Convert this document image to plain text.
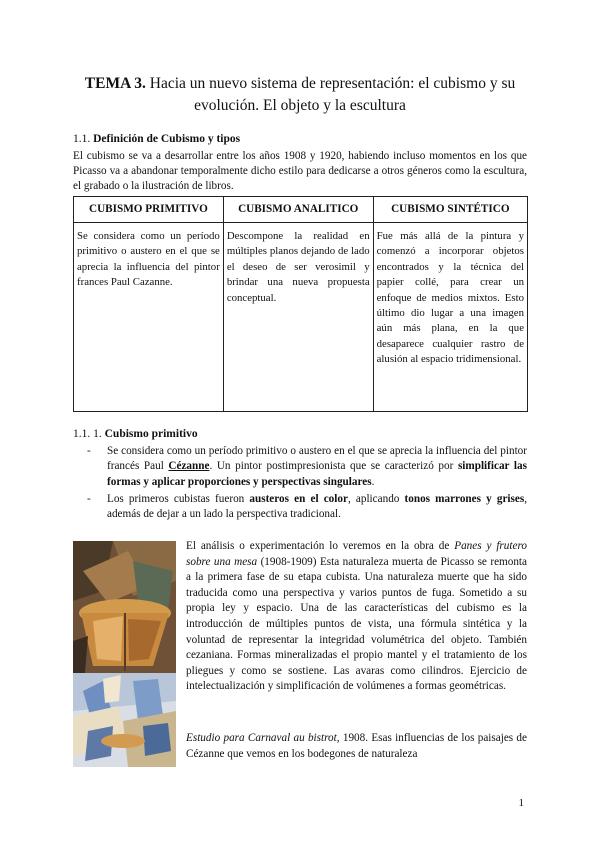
TEMA 3. Hacia un nuevo sistema de representación: el cubismo y su
evolución. El objeto y la escultura
1.1. Definición de Cubismo y tipos
El cubismo se va a desarrollar entre los años 1908 y 1920, habiendo incluso momentos en los que Picasso va a abandonar temporalmente dicho estilo para dedicarse a otros géneros como la escultura, el grabado o la ilustración de libros.
CUBISMO PRIMITIVO	CUBISMO ANALITICO	CUBISMO SINTÉTICO
Se considera como un período primitivo o austero en el que se aprecia la influencia del pintor frances Paul Cazanne.	Descompone la realidad en múltiples planos dejando de lado el deseo de ser verosimil y brindar una nueva propuesta conceptual.	Fue más allá de la pintura y comenzó a incorporar objetos encontrados y la técnica del papier collé, para crear un enfoque de medios mixtos. Esto último dio lugar a una imagen aún más plana, en la que desaparece cualquier rastro de alusión al espacio tridimensional.
1.1. 1. Cubismo primitivo
- Se considera como un período primitivo o austero en el que se aprecia la influencia del pintor francés Paul Cézanne. Un pintor postimpresionista que se caracterizó por simplificar las formas y aplicar proporciones y perspectivas singulares.
- Los primeros cubistas fueron austeros en el color, aplicando tonos marrones y grises, además de dejar a un lado la perspectiva tradicional.
El análisis o experimentación lo veremos en la obra de Panes y frutero sobre una mesa (1908-1909) Esta naturaleza muerta de Picasso se remonta a la primera fase de su etapa cubista. Una naturaleza muerte que ha sido traducida como una perspectiva y varios puntos de fuga. Sometido a su propia ley y espacio. Una de las características del cubismo es la introducción de múltiples puntos de vista, una fórmula sintética y la voluntad de representar la integridad volumétrica del objeto. También cezaniana. Formas mineralizadas el propio mantel y el tratamiento de los pliegues y como se sostiene. Las avaras como cilindros. Ejercicio de intelectualización y simplificación de volúmenes a formas geométricas.
Estudio para Carnaval au bistrot, 1908. Esas influencias de los paisajes de Cézanne que vemos en los bodegones de naturaleza
1
